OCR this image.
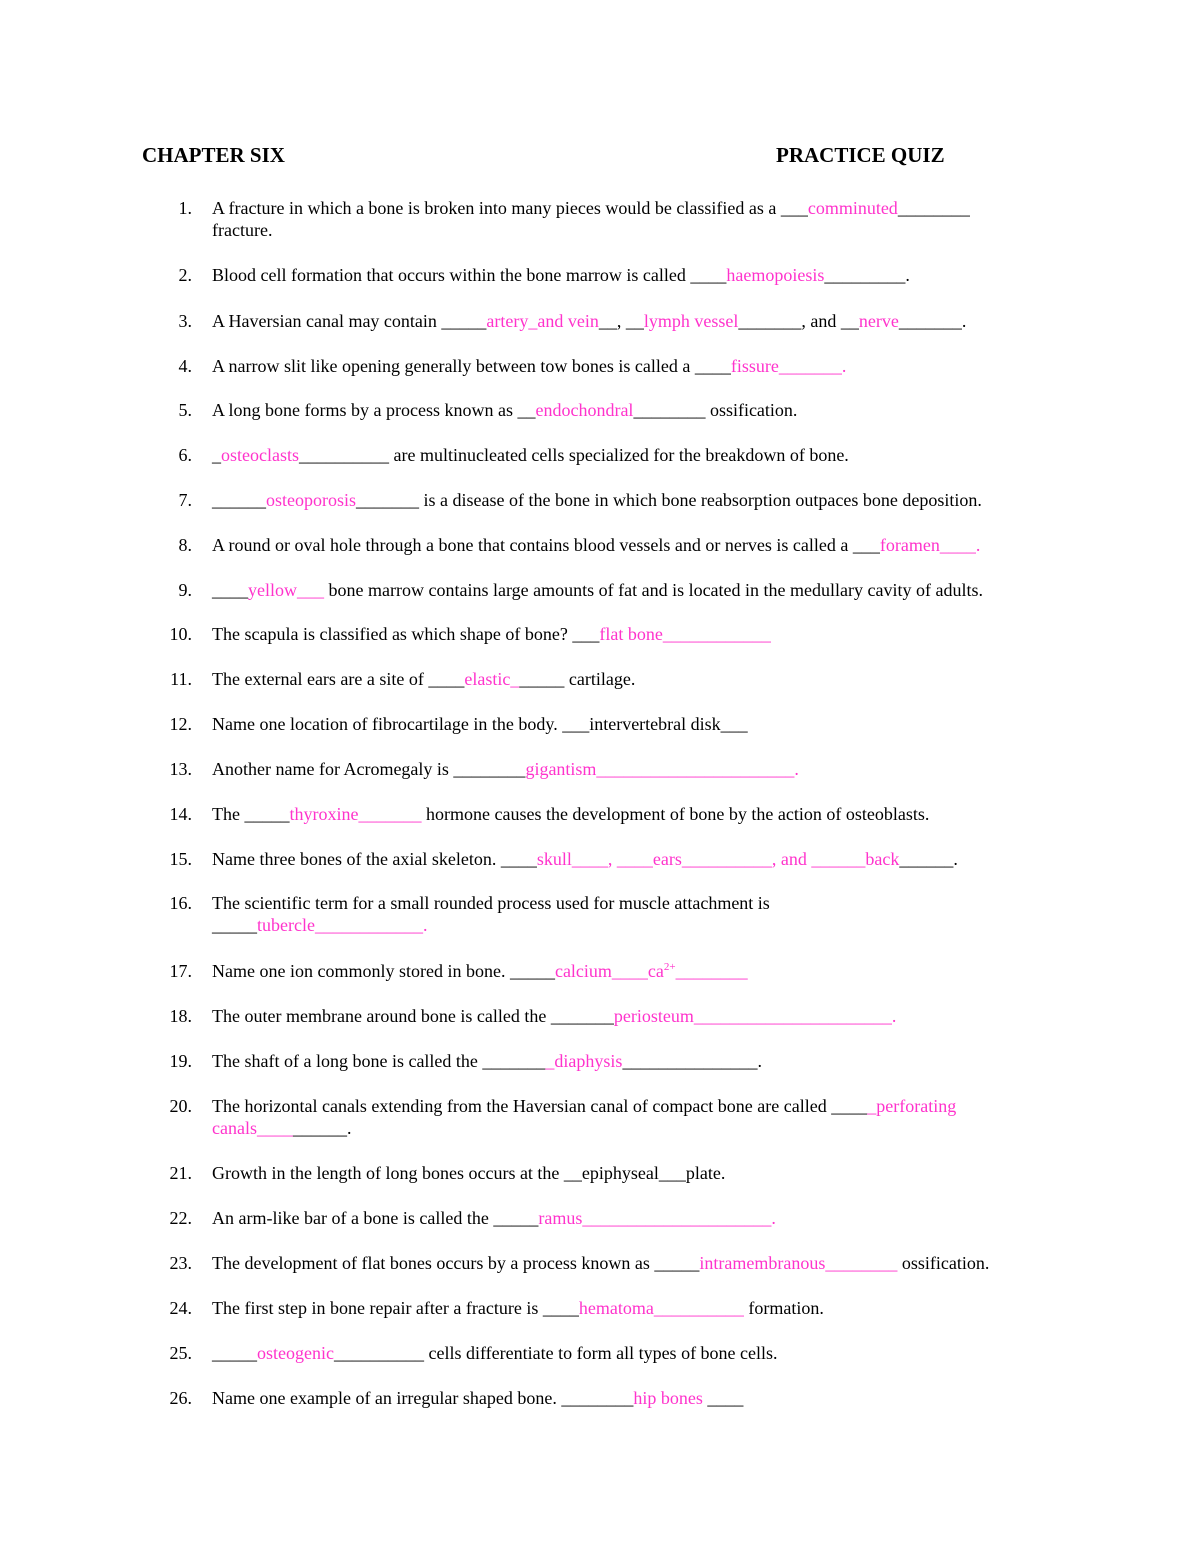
CHAPTER SIX	PRACTICE QUIZ
1. A fracture in which a bone is broken into many pieces would be classified as a ___comminuted________
fracture.
2. Blood cell formation that occurs within the bone marrow is called ____haemopoiesis_________.
3. A Haversian canal may contain _____artery_and vein__, __lymph vessel_______, and __nerve_______.
4. A narrow slit like opening generally between tow bones is called a ____fissure_______.
5. A long bone forms by a process known as __endochondral________ ossification.
6. _osteoclasts__________ are multinucleated cells specialized for the breakdown of bone.
7. ______osteoporosis_______ is a disease of the bone in which bone reabsorption outpaces bone deposition.
8. A round or oval hole through a bone that contains blood vessels and or nerves is called a ___foramen____.
9. ____yellow___ bone marrow contains large amounts of fat and is located in the medullary cavity of adults.
10. The scapula is classified as which shape of bone? ___flat bone____________
11. The external ears are a site of ____elastic______ cartilage.
12. Name one location of fibrocartilage in the body. ___intervertebral disk___
13. Another name for Acromegaly is ________gigantism______________________.
14. The _____thyroxine_______ hormone causes the development of bone by the action of osteoblasts.
15. Name three bones of the axial skeleton. ____skull____, ____ears__________, and ______back______.
16. The scientific term for a small rounded process used for muscle attachment is
_____tubercle____________.
17. Name one ion commonly stored in bone. $\_\_\_\_\_calcium\_\_\_\_ca^{2+}\_\_\_\_\_\_\_\_$
18. The outer membrane around bone is called the _______periosteum______________________.
19. The shaft of a long bone is called the ________diaphysis_______________.
20. The horizontal canals extending from the Haversian canal of compact bone are called _____perforating
canals__________.
21. Growth in the length of long bones occurs at the __epiphyseal___plate.
22. An arm-like bar of a bone is called the _____ramus_____________________.
23. The development of flat bones occurs by a process known as _____intramembranous________ ossification.
24. The first step in bone repair after a fracture is ____hematoma__________ formation.
25. _____osteogenic__________ cells differentiate to form all types of bone cells.
26. Name one example of an irregular shaped bone. ________hip bones ____
